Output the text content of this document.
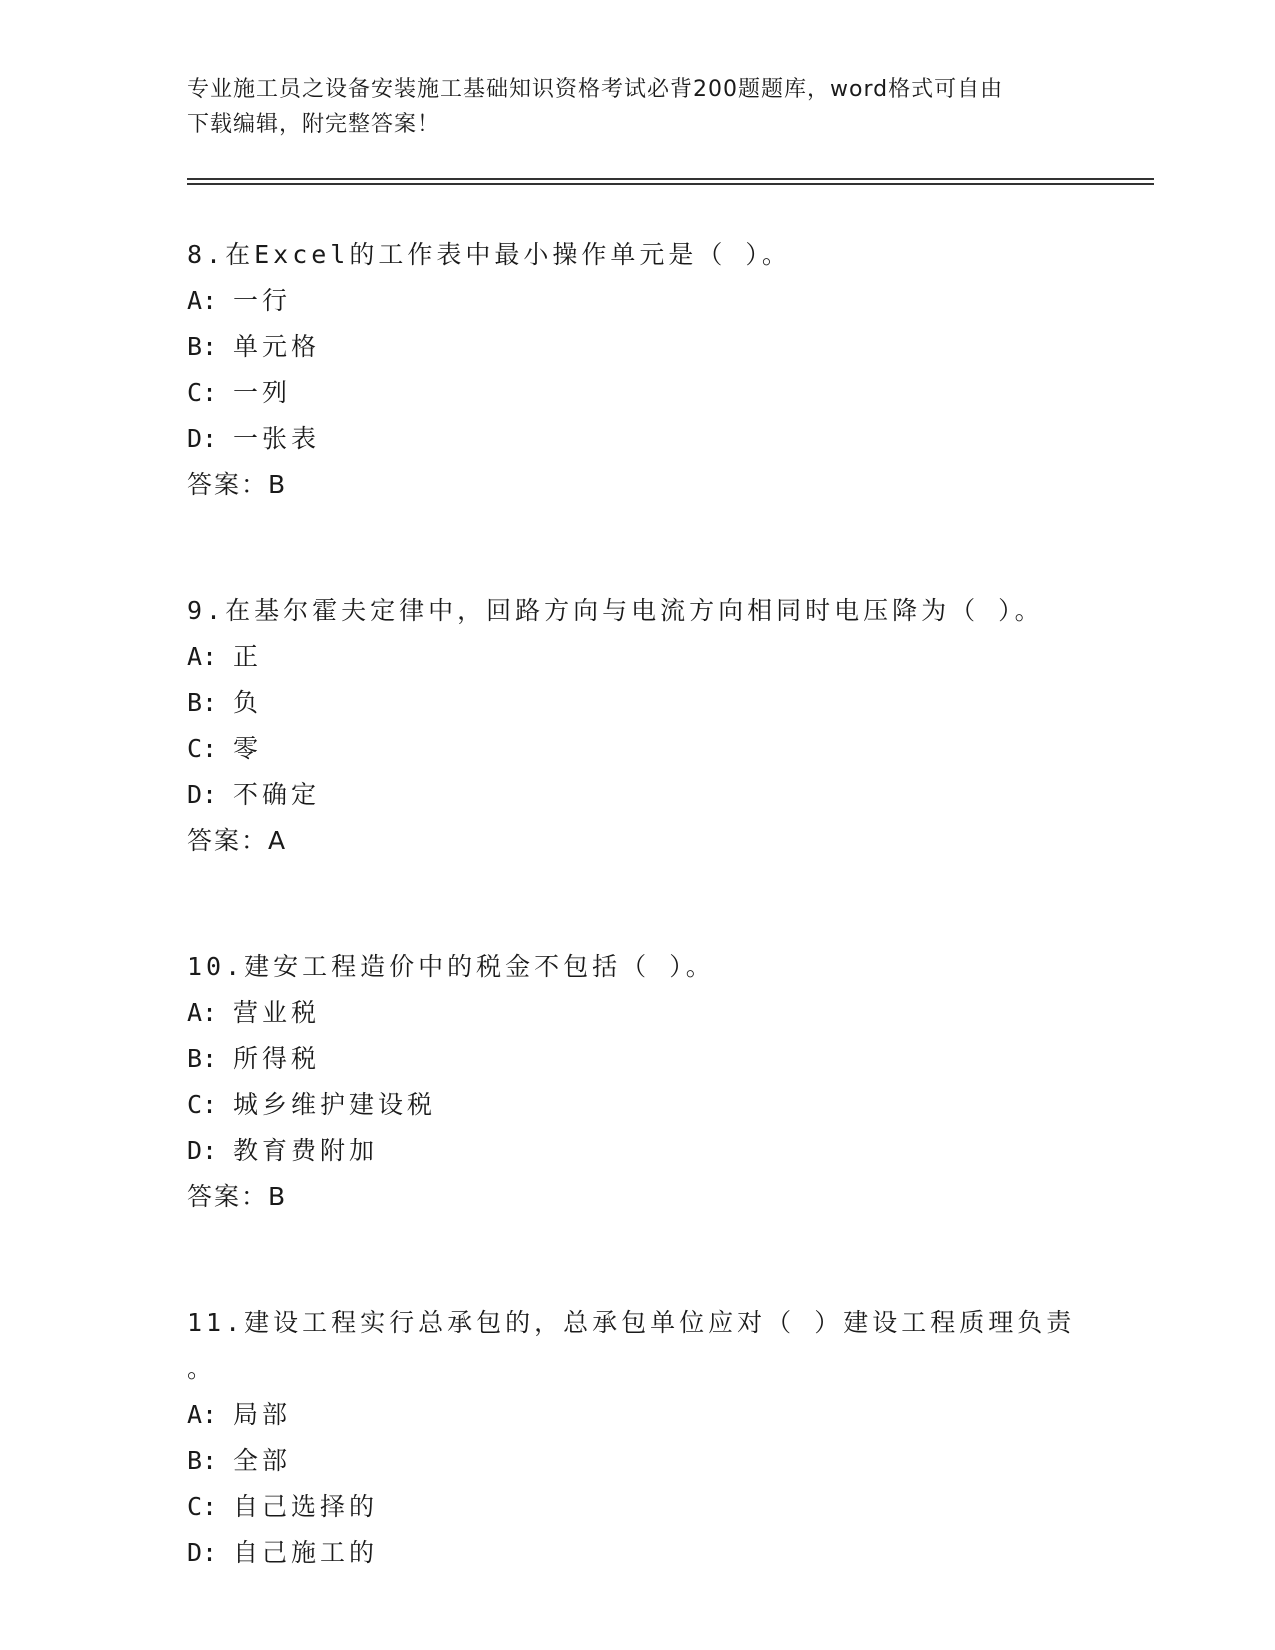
专业施工员之设备安装施工基础知识资格考试必背200题题库，word格式可自由
下载编辑，附完整答案！
8.在Excel的工作表中最小操作单元是（ ）。
A: 一行
B: 单元格
C: 一列
D: 一张表
答案：B
9.在基尔霍夫定律中，回路方向与电流方向相同时电压降为（ ）。
A: 正
B: 负
C: 零
D: 不确定
答案：A
10.建安工程造价中的税金不包括（ ）。
A: 营业税
B: 所得税
C: 城乡维护建设税
D: 教育费附加
答案：B
11.建设工程实行总承包的，总承包单位应对（ ）建设工程质理负责
。
A: 局部
B: 全部
C: 自己选择的
D: 自己施工的
